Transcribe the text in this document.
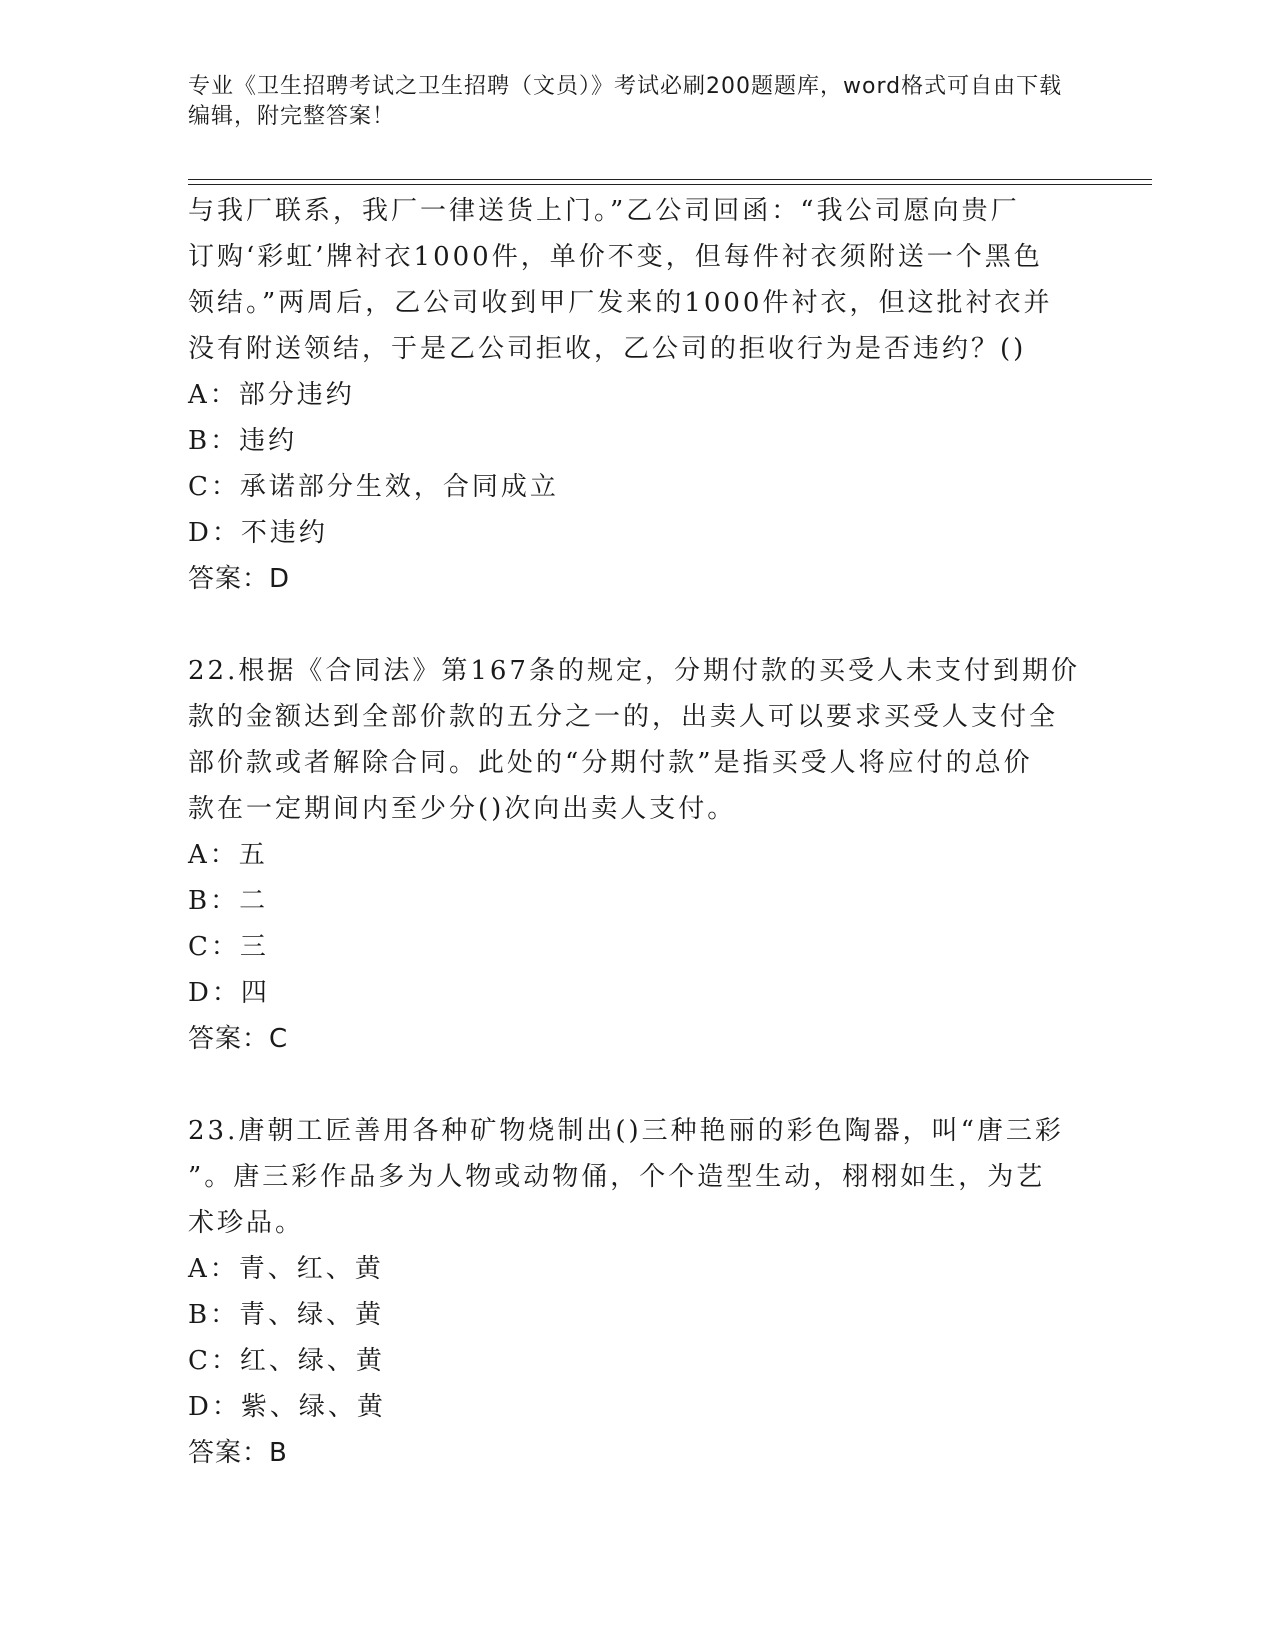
专业《卫生招聘考试之卫生招聘（文员）》考试必刷200题题库，word格式可自由下载编辑，附完整答案！

与我厂联系，我厂一律送货上门。”乙公司回函：“我公司愿向贵厂

订购‘彩虹’牌衬衣1000件，单价不变，但每件衬衣须附送一个黑色

领结。”两周后，乙公司收到甲厂发来的1000件衬衣，但这批衬衣并

没有附送领结，于是乙公司拒收，乙公司的拒收行为是否违约？()

A：部分违约

B：违约

C：承诺部分生效，合同成立

D：不违约

答案：D

22.根据《合同法》第167条的规定，分期付款的买受人未支付到期价

款的金额达到全部价款的五分之一的，出卖人可以要求买受人支付全

部价款或者解除合同。此处的“分期付款”是指买受人将应付的总价

款在一定期间内至少分()次向出卖人支付。

A：五

B：二

C：三

D：四

答案：C

23.唐朝工匠善用各种矿物烧制出()三种艳丽的彩色陶器，叫“唐三彩

”。唐三彩作品多为人物或动物俑，个个造型生动，栩栩如生，为艺

术珍品。

A：青、红、黄

B：青、绿、黄

C：红、绿、黄

D：紫、绿、黄

答案：B
